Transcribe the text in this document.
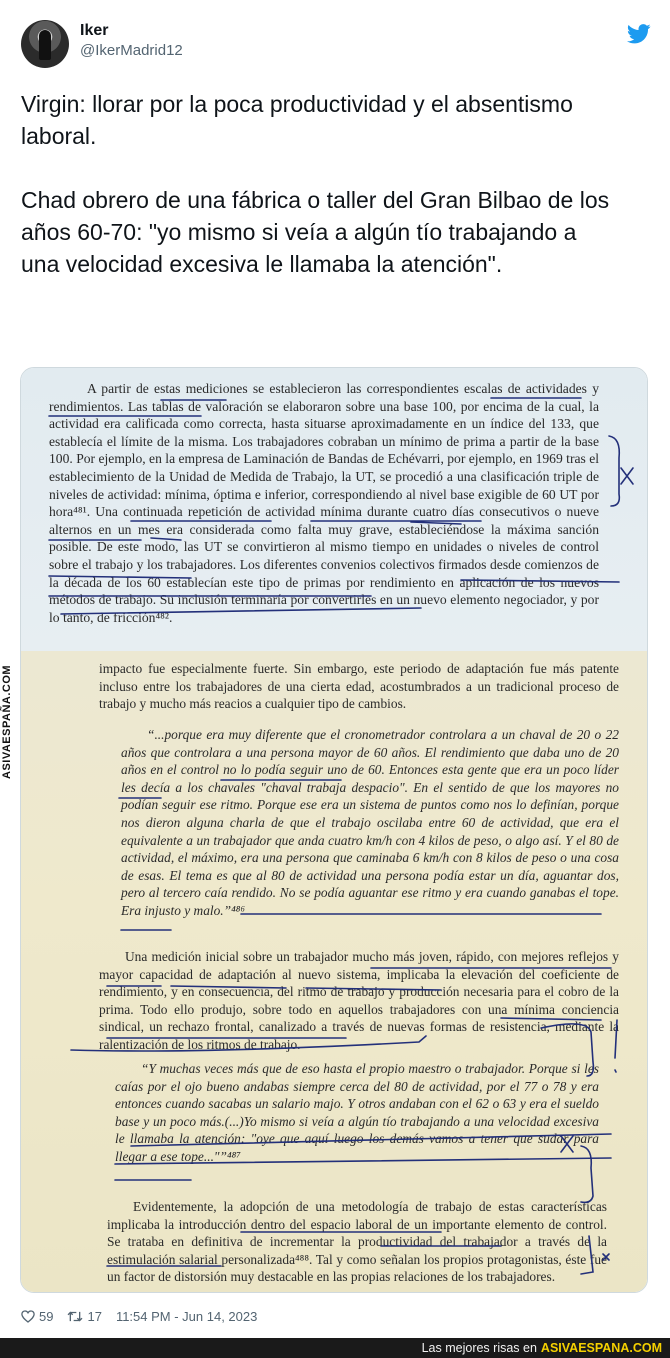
Iker
@IkerMadrid12
Virgin: llorar por la poca productividad y el absentismo laboral.

Chad obrero de una fábrica o taller del Gran Bilbao de los años 60-70: "yo mismo si veía a algún tío trabajando a una velocidad excesiva le llamaba la atención".
A partir de estas mediciones se establecieron las correspondientes escalas de actividades y rendimientos. Las tablas de valoración se elaboraron sobre una base 100, por encima de la cual, la actividad era calificada como correcta, hasta situarse aproximadamente en un índice del 133, que establecía el límite de la misma. Los trabajadores cobraban un mínimo de prima a partir de la base 100. Por ejemplo, en la empresa de Laminación de Bandas de Echévarri, por ejemplo, en 1969 tras el establecimiento de la Unidad de Medida de Trabajo, la UT, se procedió a una clasificación triple de niveles de actividad: mínima, óptima e inferior, correspondiendo al nivel base exigible de 60 UT por hora⁴⁸¹. Una continuada repetición de actividad mínima durante cuatro días consecutivos o nueve alternos en un mes era considerada como falta muy grave, estableciéndose la máxima sanción posible. De este modo, las UT se convirtieron al mismo tiempo en unidades o niveles de control sobre el trabajo y los trabajadores. Los diferentes convenios colectivos firmados desde comienzos de la década de los 60 establecían este tipo de primas por rendimiento en aplicación de los nuevos métodos de trabajo. Su inclusión terminaría por convertirles en un nuevo elemento negociador, y por lo tanto, de fricción⁴⁸².
impacto fue especialmente fuerte. Sin embargo, este periodo de adaptación fue más patente incluso entre los trabajadores de una cierta edad, acostumbrados a un tradicional proceso de trabajo y mucho más reacios a cualquier tipo de cambios.
“...porque era muy diferente que el cronometrador controlara a un chaval de 20 o 22 años que controlara a una persona mayor de 60 años. El rendimiento que daba uno de 20 años en el control no lo podía seguir uno de 60. Entonces esta gente que era un poco líder les decía a los chavales "chaval trabaja despacio". En el sentido de que los mayores no podían seguir ese ritmo. Porque ese era un sistema de puntos como nos lo definían, porque nos dieron alguna charla de que el trabajo oscilaba entre 60 de actividad, que era el equivalente a un trabajador que anda cuatro km/h con 4 kilos de peso, o algo así. Y el 80 de actividad, el máximo, era una persona que caminaba 6 km/h con 8 kilos de peso o una cosa de esas. El tema es que al 80 de actividad una persona podía estar un día, aguantar dos, pero al tercero caía rendido. No se podía aguantar ese ritmo y era cuando ganabas el tope. Era injusto y malo.”⁴⁸⁶
Una medición inicial sobre un trabajador mucho más joven, rápido, con mejores reflejos y mayor capacidad de adaptación al nuevo sistema, implicaba la elevación del coeficiente de rendimiento, y en consecuencia, del ritmo de trabajo y producción necesaria para el cobro de la prima. Todo ello produjo, sobre todo en aquellos trabajadores con una mínima conciencia sindical, un rechazo frontal, canalizado a través de nuevas formas de resistencia, mediante la ralentización de los ritmos de trabajo.
“Y muchas veces más que de eso hasta el propio maestro o trabajador. Porque si les caías por el ojo bueno andabas siempre cerca del 80 de actividad, por el 77 o 78 y era entonces cuando sacabas un salario majo. Y otros andaban con el 62 o 63 y era el sueldo base y un poco más.(...)Yo mismo si veía a algún tío trabajando a una velocidad excesiva le llamaba la atención: "oye que aquí luego los demás vamos a tener que sudar para llegar a ese tope..."”⁴⁸⁷
Evidentemente, la adopción de una metodología de trabajo de estas características implicaba la introducción dentro del espacio laboral de un importante elemento de control. Se trataba en definitiva de incrementar la productividad del trabajador a través de la estimulación salarial personalizada⁴⁸⁸. Tal y como señalan los propios protagonistas, éste fue un factor de distorsión muy destacable en las propias relaciones de los trabajadores.
ASIVAESPAÑA.COM
59	17 11:54 PM - Jun 14, 2023
Las mejores risas en ASIVAESPANA.COM
